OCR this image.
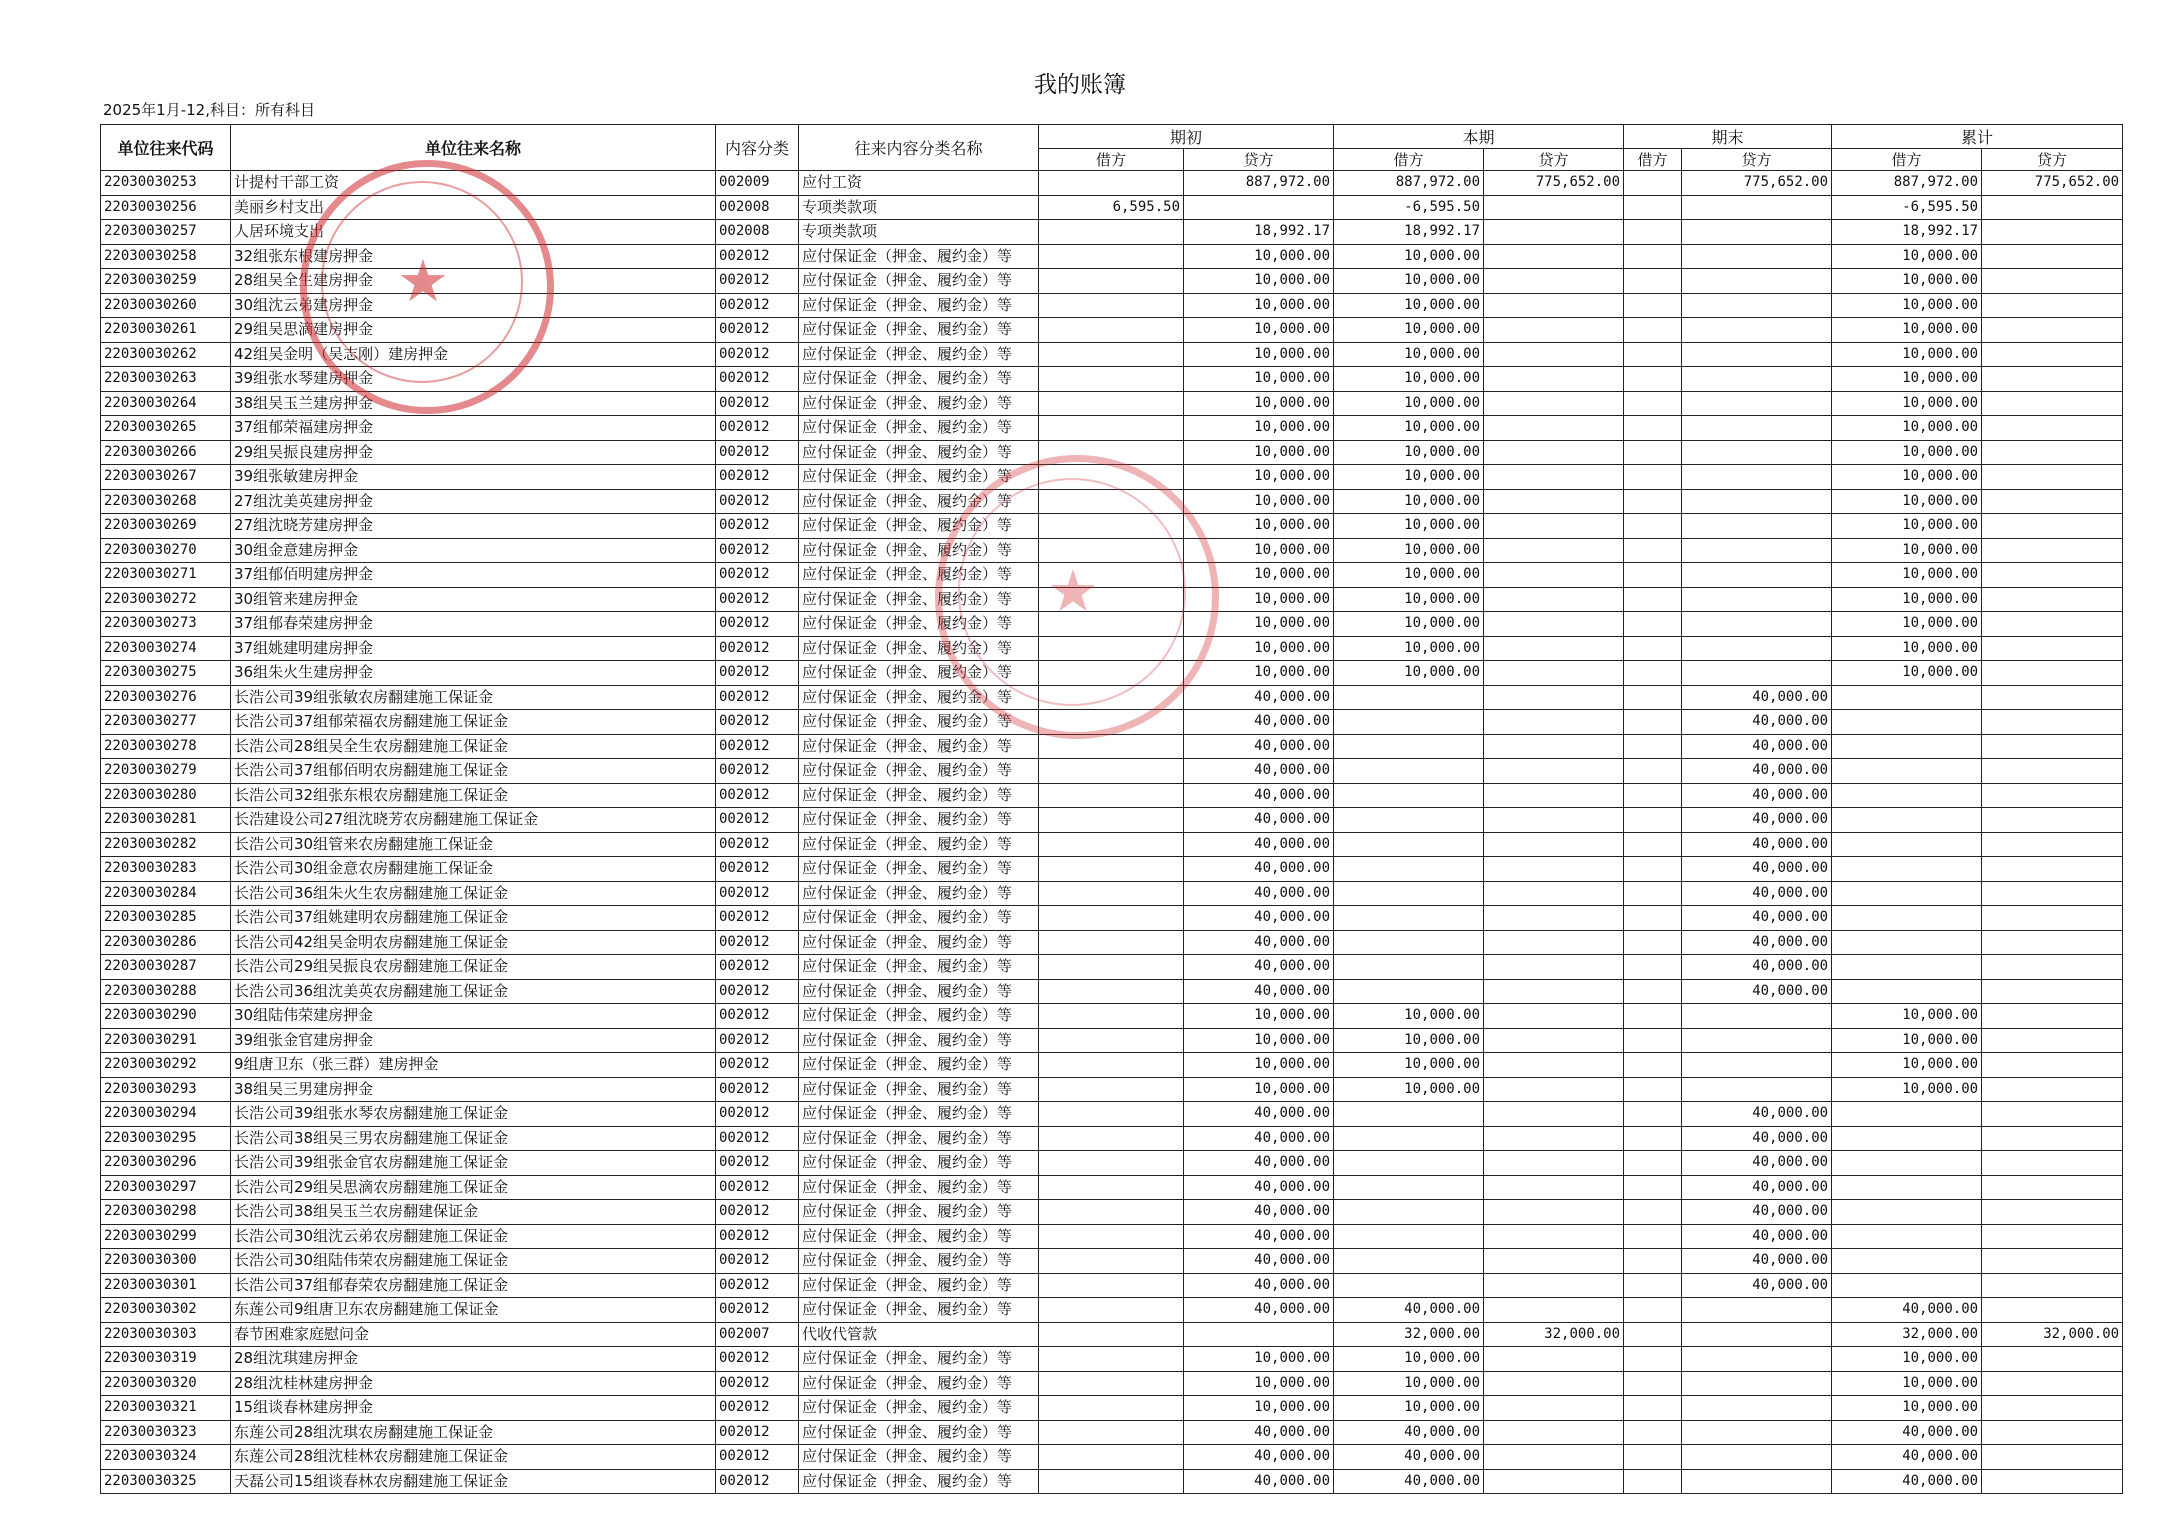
我的账簿
2025年1月-12,科目：所有科目
单位往来代码	单位往来名称	内容分类	往来内容分类名称	期初		本期		期末		累计	
				借方	贷方	借方	贷方	借方	贷方	借方	贷方
22030030253	计提村干部工资	002009	应付工资		887,972.00	887,972.00	775,652.00		775,652.00	887,972.00	775,652.00
22030030256	美丽乡村支出	002008	专项类款项	6,595.50		-6,595.50				-6,595.50	
22030030257	人居环境支出	002008	专项类款项		18,992.17	18,992.17				18,992.17	
22030030258	32组张东根建房押金	002012	应付保证金（押金、履约金）等		10,000.00	10,000.00				10,000.00	
22030030259	28组吴全生建房押金	002012	应付保证金（押金、履约金）等		10,000.00	10,000.00				10,000.00	
22030030260	30组沈云弟建房押金	002012	应付保证金（押金、履约金）等		10,000.00	10,000.00				10,000.00	
22030030261	29组吴思滴建房押金	002012	应付保证金（押金、履约金）等		10,000.00	10,000.00				10,000.00	
22030030262	42组吴金明（吴志刚）建房押金	002012	应付保证金（押金、履约金）等		10,000.00	10,000.00				10,000.00	
22030030263	39组张水琴建房押金	002012	应付保证金（押金、履约金）等		10,000.00	10,000.00				10,000.00	
22030030264	38组吴玉兰建房押金	002012	应付保证金（押金、履约金）等		10,000.00	10,000.00				10,000.00	
22030030265	37组郁荣福建房押金	002012	应付保证金（押金、履约金）等		10,000.00	10,000.00				10,000.00	
22030030266	29组吴振良建房押金	002012	应付保证金（押金、履约金）等		10,000.00	10,000.00				10,000.00	
22030030267	39组张敏建房押金	002012	应付保证金（押金、履约金）等		10,000.00	10,000.00				10,000.00	
22030030268	27组沈美英建房押金	002012	应付保证金（押金、履约金）等		10,000.00	10,000.00				10,000.00	
22030030269	27组沈晓芳建房押金	002012	应付保证金（押金、履约金）等		10,000.00	10,000.00				10,000.00	
22030030270	30组金意建房押金	002012	应付保证金（押金、履约金）等		10,000.00	10,000.00				10,000.00	
22030030271	37组郁佰明建房押金	002012	应付保证金（押金、履约金）等		10,000.00	10,000.00				10,000.00	
22030030272	30组管来建房押金	002012	应付保证金（押金、履约金）等		10,000.00	10,000.00				10,000.00	
22030030273	37组郁春荣建房押金	002012	应付保证金（押金、履约金）等		10,000.00	10,000.00				10,000.00	
22030030274	37组姚建明建房押金	002012	应付保证金（押金、履约金）等		10,000.00	10,000.00				10,000.00	
22030030275	36组朱火生建房押金	002012	应付保证金（押金、履约金）等		10,000.00	10,000.00				10,000.00	
22030030276	长浩公司39组张敏农房翻建施工保证金	002012	应付保证金（押金、履约金）等		40,000.00				40,000.00		
22030030277	长浩公司37组郁荣福农房翻建施工保证金	002012	应付保证金（押金、履约金）等		40,000.00				40,000.00		
22030030278	长浩公司28组吴全生农房翻建施工保证金	002012	应付保证金（押金、履约金）等		40,000.00				40,000.00		
22030030279	长浩公司37组郁佰明农房翻建施工保证金	002012	应付保证金（押金、履约金）等		40,000.00				40,000.00		
22030030280	长浩公司32组张东根农房翻建施工保证金	002012	应付保证金（押金、履约金）等		40,000.00				40,000.00		
22030030281	长浩建设公司27组沈晓芳农房翻建施工保证金	002012	应付保证金（押金、履约金）等		40,000.00				40,000.00		
22030030282	长浩公司30组管来农房翻建施工保证金	002012	应付保证金（押金、履约金）等		40,000.00				40,000.00		
22030030283	长浩公司30组金意农房翻建施工保证金	002012	应付保证金（押金、履约金）等		40,000.00				40,000.00		
22030030284	长浩公司36组朱火生农房翻建施工保证金	002012	应付保证金（押金、履约金）等		40,000.00				40,000.00		
22030030285	长浩公司37组姚建明农房翻建施工保证金	002012	应付保证金（押金、履约金）等		40,000.00				40,000.00		
22030030286	长浩公司42组吴金明农房翻建施工保证金	002012	应付保证金（押金、履约金）等		40,000.00				40,000.00		
22030030287	长浩公司29组吴振良农房翻建施工保证金	002012	应付保证金（押金、履约金）等		40,000.00				40,000.00		
22030030288	长浩公司36组沈美英农房翻建施工保证金	002012	应付保证金（押金、履约金）等		40,000.00				40,000.00		
22030030290	30组陆伟荣建房押金	002012	应付保证金（押金、履约金）等		10,000.00	10,000.00				10,000.00	
22030030291	39组张金官建房押金	002012	应付保证金（押金、履约金）等		10,000.00	10,000.00				10,000.00	
22030030292	9组唐卫东（张三群）建房押金	002012	应付保证金（押金、履约金）等		10,000.00	10,000.00				10,000.00	
22030030293	38组吴三男建房押金	002012	应付保证金（押金、履约金）等		10,000.00	10,000.00				10,000.00	
22030030294	长浩公司39组张水琴农房翻建施工保证金	002012	应付保证金（押金、履约金）等		40,000.00				40,000.00		
22030030295	长浩公司38组吴三男农房翻建施工保证金	002012	应付保证金（押金、履约金）等		40,000.00				40,000.00		
22030030296	长浩公司39组张金官农房翻建施工保证金	002012	应付保证金（押金、履约金）等		40,000.00				40,000.00		
22030030297	长浩公司29组吴思滴农房翻建施工保证金	002012	应付保证金（押金、履约金）等		40,000.00				40,000.00		
22030030298	长浩公司38组吴玉兰农房翻建保证金	002012	应付保证金（押金、履约金）等		40,000.00				40,000.00		
22030030299	长浩公司30组沈云弟农房翻建施工保证金	002012	应付保证金（押金、履约金）等		40,000.00				40,000.00		
22030030300	长浩公司30组陆伟荣农房翻建施工保证金	002012	应付保证金（押金、履约金）等		40,000.00				40,000.00		
22030030301	长浩公司37组郁春荣农房翻建施工保证金	002012	应付保证金（押金、履约金）等		40,000.00				40,000.00		
22030030302	东莲公司9组唐卫东农房翻建施工保证金	002012	应付保证金（押金、履约金）等		40,000.00	40,000.00				40,000.00	
22030030303	春节困难家庭慰问金	002007	代收代管款			32,000.00	32,000.00			32,000.00	32,000.00
22030030319	28组沈琪建房押金	002012	应付保证金（押金、履约金）等		10,000.00	10,000.00				10,000.00	
22030030320	28组沈桂林建房押金	002012	应付保证金（押金、履约金）等		10,000.00	10,000.00				10,000.00	
22030030321	15组谈春林建房押金	002012	应付保证金（押金、履约金）等		10,000.00	10,000.00				10,000.00	
22030030323	东莲公司28组沈琪农房翻建施工保证金	002012	应付保证金（押金、履约金）等		40,000.00	40,000.00				40,000.00	
22030030324	东莲公司28组沈桂林农房翻建施工保证金	002012	应付保证金（押金、履约金）等		40,000.00	40,000.00				40,000.00	
22030030325	天磊公司15组谈春林农房翻建施工保证金	002012	应付保证金（押金、履约金）等		40,000.00	40,000.00				40,000.00	
★
★
